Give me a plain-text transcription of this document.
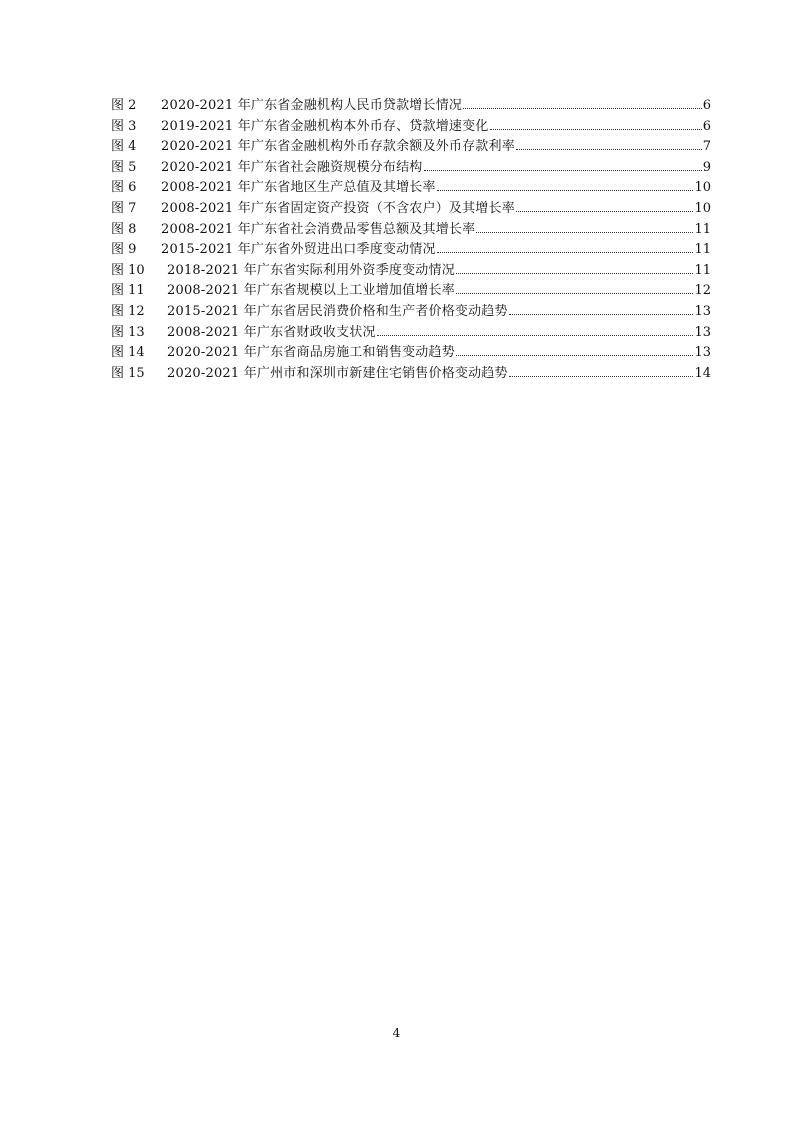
图 2	2020-2021 年广东省金融机构人民币贷款增长情况	6
图 3	2019-2021 年广东省金融机构本外币存、贷款增速变化	6
图 4	2020-2021 年广东省金融机构外币存款余额及外币存款利率	7
图 5	2020-2021 年广东省社会融资规模分布结构	9
图 6	2008-2021 年广东省地区生产总值及其增长率	10
图 7	2008-2021 年广东省固定资产投资（不含农户）及其增长率	10
图 8	2008-2021 年广东省社会消费品零售总额及其增长率	11
图 9	2015-2021 年广东省外贸进出口季度变动情况	11
图 10	2018-2021 年广东省实际利用外资季度变动情况	11
图 11	2008-2021 年广东省规模以上工业增加值增长率	12
图 12	2015-2021 年广东省居民消费价格和生产者价格变动趋势	13
图 13	2008-2021 年广东省财政收支状况	13
图 14	2020-2021 年广东省商品房施工和销售变动趋势	13
图 15	2020-2021 年广州市和深圳市新建住宅销售价格变动趋势	14
4
